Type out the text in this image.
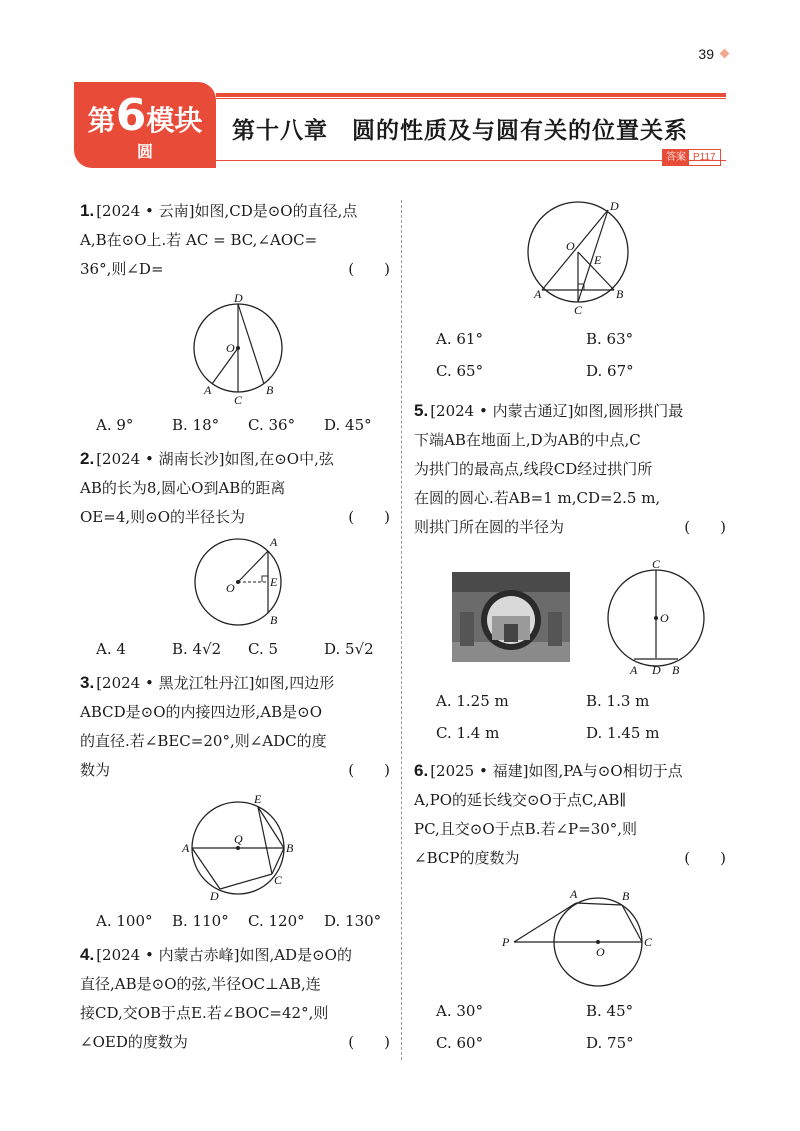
39
第6模块
圆
第十八章　圆的性质及与圆有关的位置关系
答案 P117
1. [2024 • 云南]如图,CD是⊙O的直径,点
A,B在⊙O上.若 AC = BC,∠AOC=
36°,则∠D=	(　　)
D
O
A
C
B
A. 9°	B. 18° C. 36° D. 45°
2. [2024 • 湖南长沙]如图,在⊙O中,弦
AB的长为8,圆心O到AB的距离
OE=4,则⊙O的半径长为	(　　)
A
O	E
B
A. 4	B. 4√2 C. 5	D. 5√2
3. [2024 • 黑龙江牡丹江]如图,四边形
ABCD是⊙O的内接四边形,AB是⊙O
的直径.若∠BEC=20°,则∠ADC的度
数为	(　　)
E
Q
A	B
C
D
A. 100° B. 110° C. 120° D. 130°
4. [2024 • 内蒙古赤峰]如图,AD是⊙O的
直径,AB是⊙O的弦,半径OC⊥AB,连
接CD,交OB于点E.若∠BOC=42°,则
∠OED的度数为	(　　)
D
O
E
A
C
B
A. 61°	B. 63°
C. 65°	D. 67°
5. [2024 • 内蒙古通辽]如图,圆形拱门最
下端AB在地面上,D为AB的中点,C
为拱门的最高点,线段CD经过拱门所
在圆的圆心.若AB=1 m,CD=2.5 m,
则拱门所在圆的半径为	(　　)
C
O
A D B
A. 1.25 m	B. 1.3 m
C. 1.4 m	D. 1.45 m
6. [2025 • 福建]如图,PA与⊙O相切于点
A,PO的延长线交⊙O于点C,AB∥
PC,且交⊙O于点B.若∠P=30°,则
∠BCP的度数为	(　　)
A	B
P
O
C
A. 30°	B. 45°
C. 60°	D. 75°
